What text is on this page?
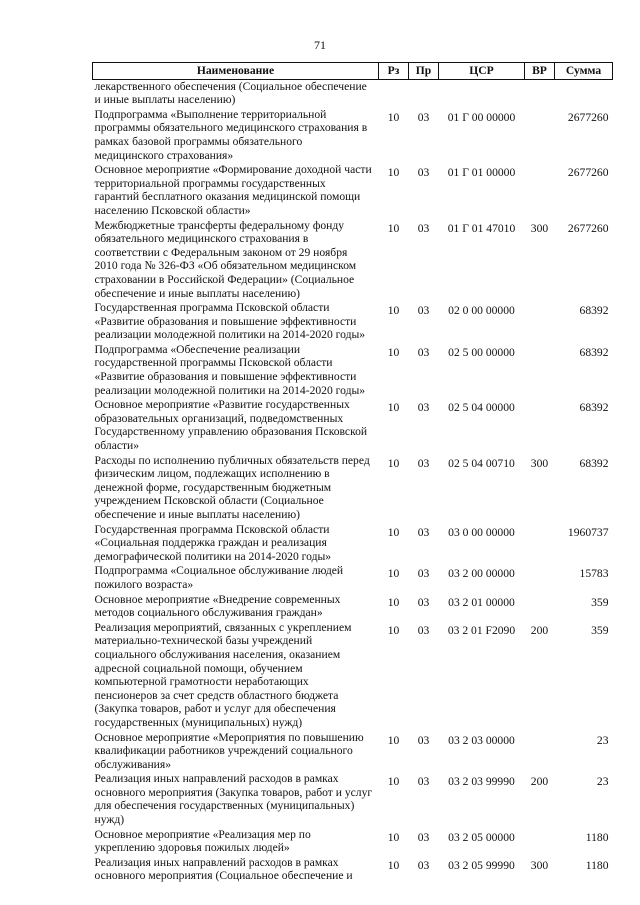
71
Наименование	Рз	Пр	ЦСР	ВР	Сумма
лекарственного обеспечения (Социальное обеспечение и иные выплаты населению)					
Подпрограмма «Выполнение территориальной программы обязательного медицинского страхования в рамках базовой программы обязательного медицинского страхования»	10	03	01 Г 00 00000		2677260
Основное мероприятие «Формирование доходной части территориальной программы государственных гарантий бесплатного оказания медицинской помощи населению Псковской области»	10	03	01 Г 01 00000		2677260
Межбюджетные трансферты федеральному фонду обязательного медицинского страхования в соответствии с Федеральным законом от 29 ноября 2010 года № 326-ФЗ «Об обязательном медицинском страховании в Российской Федерации» (Социальное обеспечение и иные выплаты населению)	10	03	01 Г 01 47010	300	2677260
Государственная программа Псковской области «Развитие образования и повышение эффективности реализации молодежной политики на 2014-2020 годы»	10	03	02 0 00 00000		68392
Подпрограмма «Обеспечение реализации государственной программы Псковской области «Развитие образования и повышение эффективности реализации молодежной политики на 2014-2020 годы»	10	03	02 5 00 00000		68392
Основное мероприятие «Развитие государственных образовательных организаций, подведомственных Государственному управлению образования Псковской области»	10	03	02 5 04 00000		68392
Расходы по исполнению публичных обязательств перед физическим лицом, подлежащих исполнению в денежной форме, государственным бюджетным учреждением Псковской области (Социальное обеспечение и иные выплаты населению)	10	03	02 5 04 00710	300	68392
Государственная программа Псковской области «Социальная поддержка граждан и реализация демографической политики на 2014-2020 годы»	10	03	03 0 00 00000		1960737
Подпрограмма «Социальное обслуживание людей пожилого возраста»	10	03	03 2 00 00000		15783
Основное мероприятие «Внедрение современных методов социального обслуживания граждан»	10	03	03 2 01 00000		359
Реализация мероприятий, связанных с укреплением материально-технической базы учреждений социального обслуживания населения, оказанием адресной социальной помощи, обучением компьютерной грамотности неработающих пенсионеров за счет средств областного бюджета (Закупка товаров, работ и услуг для обеспечения государственных (муниципальных) нужд)	10	03	03 2 01 F2090	200	359
Основное мероприятие «Мероприятия по повышению квалификации работников учреждений социального обслуживания»	10	03	03 2 03 00000		23
Реализация иных направлений расходов в рамках основного мероприятия (Закупка товаров, работ и услуг для обеспечения государственных (муниципальных) нужд)	10	03	03 2 03 99990	200	23
Основное мероприятие «Реализация мер по укреплению здоровья пожилых людей»	10	03	03 2 05 00000		1180
Реализация иных направлений расходов в рамках основного мероприятия (Социальное обеспечение и	10	03	03 2 05 99990	300	1180
